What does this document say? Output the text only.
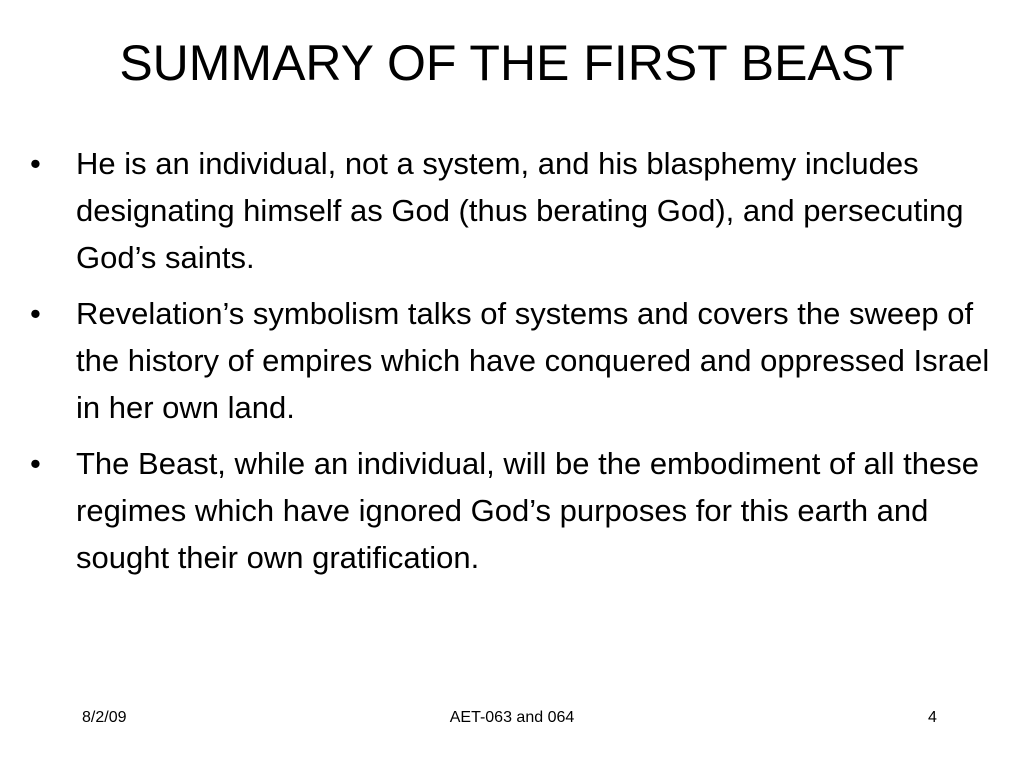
SUMMARY OF THE FIRST BEAST
•	He is an individual, not a system, and his blasphemy includes designating himself as God (thus berating God), and persecuting God’s saints.
•	Revelation’s symbolism talks of systems and covers the sweep of the history of empires which have conquered and oppressed Israel in her own land.
•	The Beast, while an individual, will be the embodiment of all these regimes which have ignored God’s purposes for this earth and sought their own gratification.
8/2/09	AET-063 and 064	4
